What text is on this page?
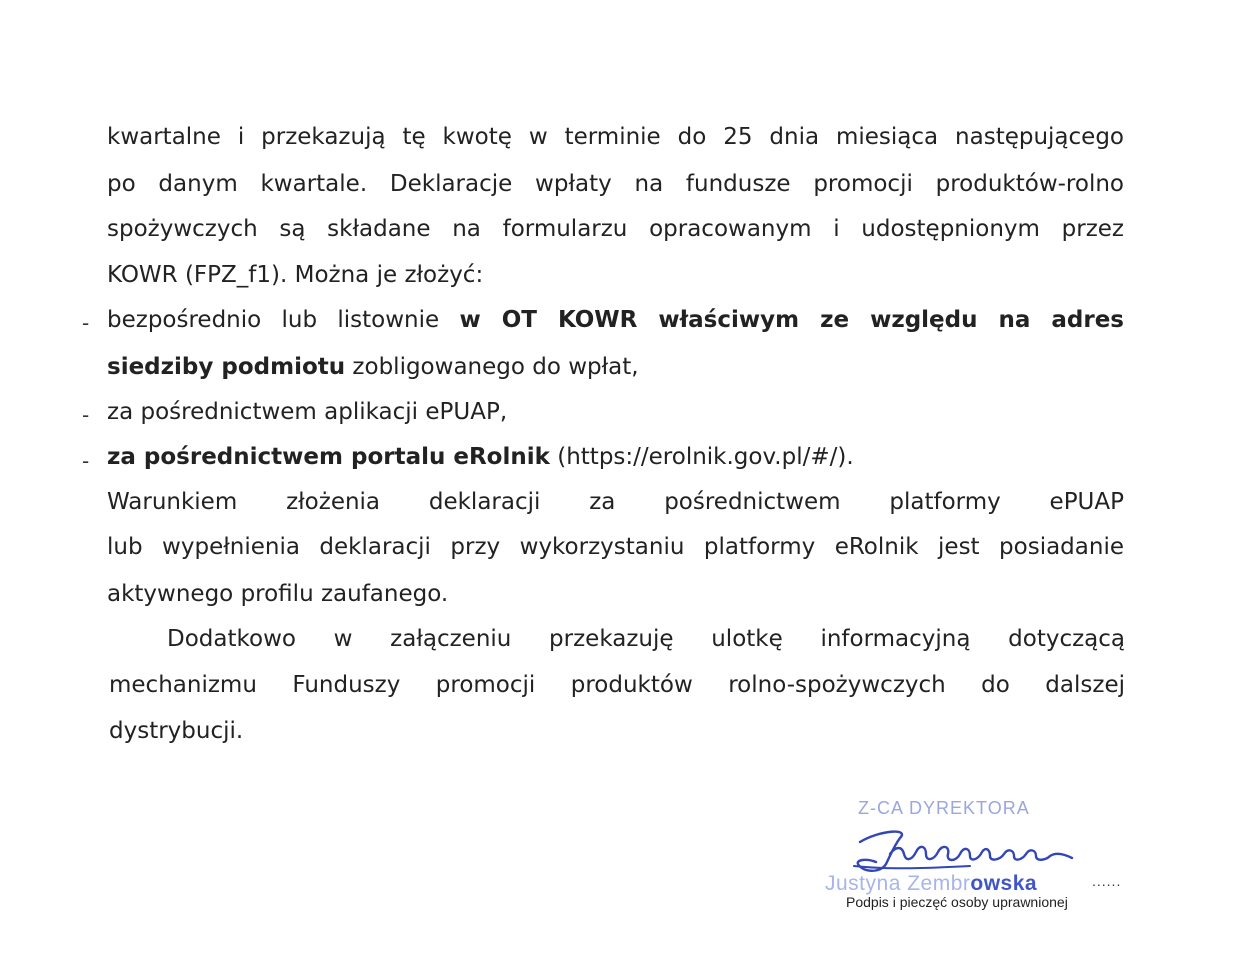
kwartalne i przekazują tę kwotę w terminie do 25 dnia miesiąca następującego
po danym kwartale. Deklaracje wpłaty na fundusze promocji produktów-rolno
spożywczych są składane na formularzu opracowanym i udostępnionym przez
KOWR (FPZ_f1). Można je złożyć:
- bezpośrednio lub listownie w OT KOWR właściwym ze względu na adres
siedziby podmiotu zobligowanego do wpłat,
- za pośrednictwem aplikacji ePUAP,
- za pośrednictwem portalu eRolnik (https://erolnik.gov.pl/#/).
Warunkiem złożenia deklaracji za pośrednictwem platformy ePUAP
lub wypełnienia deklaracji przy wykorzystaniu platformy eRolnik jest posiadanie
aktywnego profilu zaufanego.
Dodatkowo w załączeniu przekazuję ulotkę informacyjną dotyczącą
mechanizmu Funduszy promocji produktów rolno-spożywczych do dalszej
dystrybucji.
Z-CA DYREKTORA
Justyna Zembrowska	......
Podpis i pieczęć osoby uprawnionej
